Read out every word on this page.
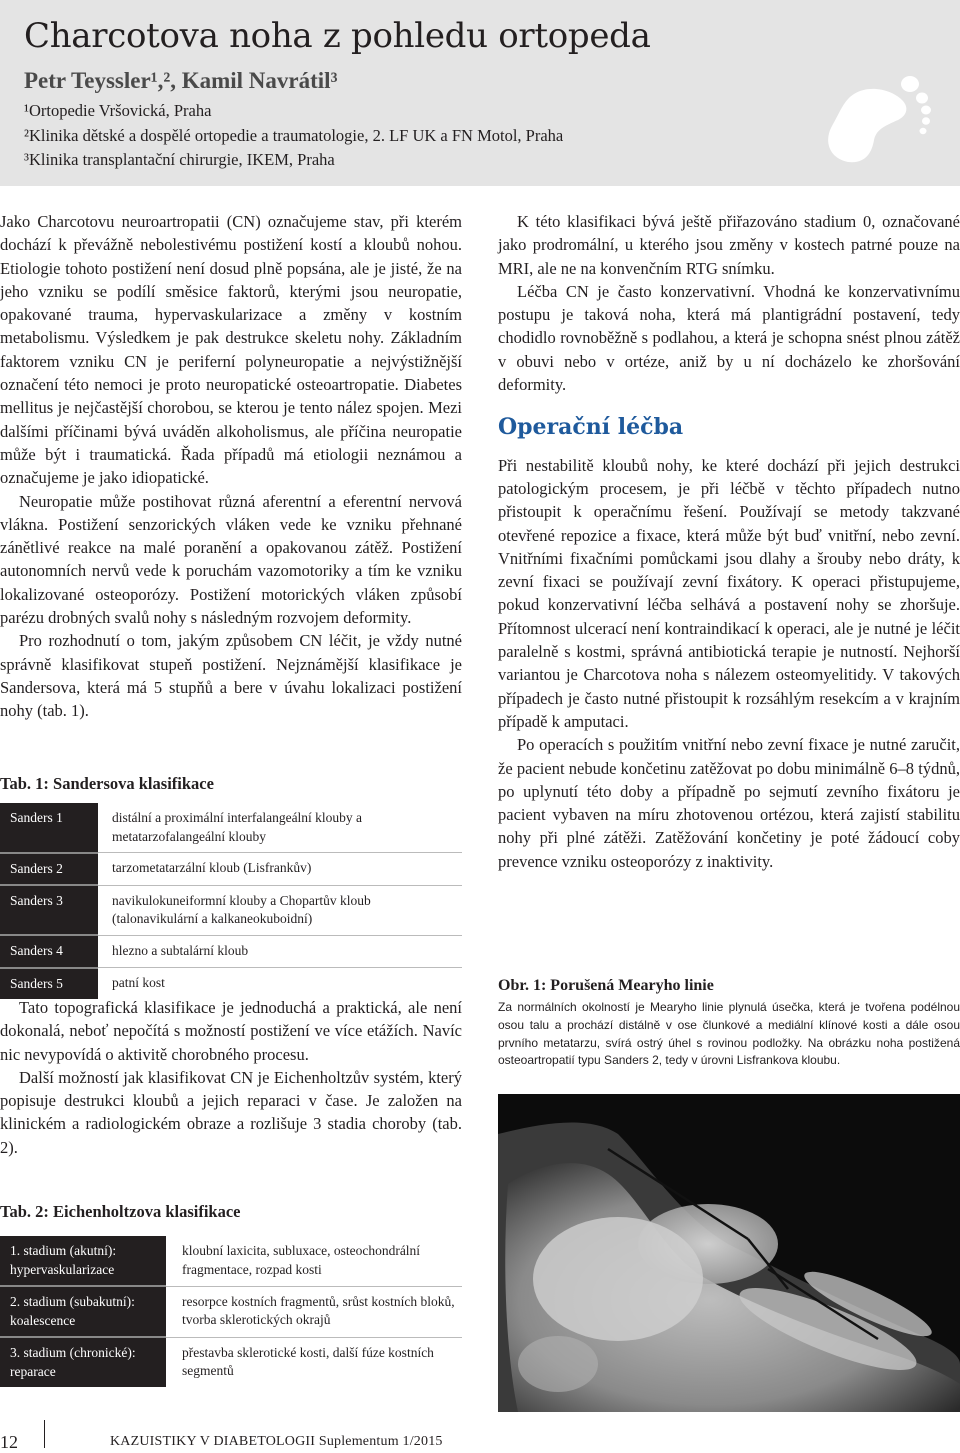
Charcotova noha z pohledu ortopeda
Petr Teyssler¹,², Kamil Navrátil³
¹Ortopedie Vršovická, Praha
²Klinika dětské a dospělé ortopedie a traumatologie, 2. LF UK a FN Motol, Praha
³Klinika transplantační chirurgie, IKEM, Praha

Jako Charcotovu neuroartropatii (CN) označujeme stav, při kterém dochází k převážně nebolestivému postižení kostí a kloubů nohou. Etiologie tohoto postižení není dosud plně popsána, ale je jisté, že na jeho vzniku se podílí směsice faktorů, kterými jsou neuropatie, opakované trauma, hypervaskularizace a změny v kostním metabolismu. Výsledkem je pak destrukce skeletu nohy. Základním faktorem vzniku CN je periferní polyneuropatie a nejvýstižnější označení této nemoci je proto neuropatické osteoartropatie. Diabetes mellitus je nejčastější chorobou, se kterou je tento nález spojen. Mezi dalšími příčinami bývá uváděn alkoholismus, ale příčina neuropatie může být i traumatická. Řada případů má etiologii neznámou a označujeme je jako idiopatické.

Neuropatie může postihovat různá aferentní a eferentní nervová vlákna. Postižení senzorických vláken vede ke vzniku přehnané zánětlivé reakce na malé poranění a opakovanou zátěž. Postižení autonomních nervů vede k poruchám vazomotoriky a tím ke vzniku lokalizované osteoporózy. Postižení motorických vláken způsobí parézu drobných svalů nohy s následným rozvojem deformity.

Pro rozhodnutí o tom, jakým způsobem CN léčit, je vždy nutné správně klasifikovat stupeň postižení. Nejznámější klasifikace je Sandersova, která má 5 stupňů a bere v úvahu lokalizaci postižení nohy (tab. 1).

Tab. 1: Sandersova klasifikace
Sanders 1	distální a proximální interfalangeální klouby a metatarzofalangeální klouby
Sanders 2	tarzometatarzální kloub (Lisfrankův)
Sanders 3	navikulokuneiformní klouby a Chopartův kloub (talonavikulární a kalkaneokuboidní)
Sanders 4	hlezno a subtalární kloub
Sanders 5	patní kost

Tato topografická klasifikace je jednoduchá a praktická, ale není dokonalá, neboť nepočítá s možností postižení ve více etážích. Navíc nic nevypovídá o aktivitě chorobného procesu.

Další možností jak klasifikovat CN je Eichenholtzův systém, který popisuje destrukci kloubů a jejich reparaci v čase. Je založen na klinickém a radiologickém obraze a rozlišuje 3 stadia choroby (tab. 2).

Tab. 2: Eichenholtzova klasifikace
1. stadium (akutní): hypervaskularizace	kloubní laxicita, subluxace, osteochondrální fragmentace, rozpad kosti
2. stadium (subakutní): koalescence	resorpce kostních fragmentů, srůst kostních bloků, tvorba sklerotických okrajů
3. stadium (chronické): reparace	přestavba sklerotické kosti, další fúze kostních segmentů

K této klasifikaci bývá ještě přiřazováno stadium 0, označované jako prodromální, u kterého jsou změny v kostech patrné pouze na MRI, ale ne na konvenčním RTG snímku.

Léčba CN je často konzervativní. Vhodná ke konzervativnímu postupu je taková noha, která má plantigrádní postavení, tedy chodidlo rovnoběžně s podlahou, a která je schopna snést plnou zátěž v obuvi nebo v ortéze, aniž by u ní docházelo ke zhoršování deformity.

Operační léčba

Při nestabilitě kloubů nohy, ke které dochází při jejich destrukci patologickým procesem, je při léčbě v těchto případech nutno přistoupit k operačnímu řešení. Používají se metody takzvané otevřené repozice a fixace, která může být buď vnitřní, nebo zevní. Vnitřními fixačními pomůckami jsou dlahy a šrouby nebo dráty, k zevní fixaci se používají zevní fixátory. K operaci přistupujeme, pokud konzervativní léčba selhává a postavení nohy se zhoršuje. Přítomnost ulcerací není kontraindikací k operaci, ale je nutné je léčit paralelně s kostmi, správná antibiotická terapie je nutností. Nejhorší variantou je Charcotova noha s nálezem osteomyelitidy. V takových případech je často nutné přistoupit k rozsáhlým resekcím a v krajním případě k amputaci.

Po operacích s použitím vnitřní nebo zevní fixace je nutné zaručit, že pacient nebude končetinu zatěžovat po dobu minimálně 6–8 týdnů, po uplynutí této doby a případně po sejmutí zevního fixátoru je pacient vybaven na míru zhotovenou ortézou, která zajistí stabilitu nohy při plné zátěži. Zatěžování končetiny je poté žádoucí coby prevence vzniku osteoporózy z inaktivity.

Obr. 1: Porušená Mearyho linie
Za normálních okolností je Mearyho linie plynulá úsečka, která je tvořena podélnou osou talu a prochází distálně v ose člunkové a mediální klínové kosti a dále osou prvního metatarzu, svírá ostrý úhel s rovinou podložky. Na obrázku noha postižená osteoartropatií typu Sanders 2, tedy v úrovni Lisfrankova kloubu.
12	KAZUISTIKY V DIABETOLOGII Suplementum 1/2015
